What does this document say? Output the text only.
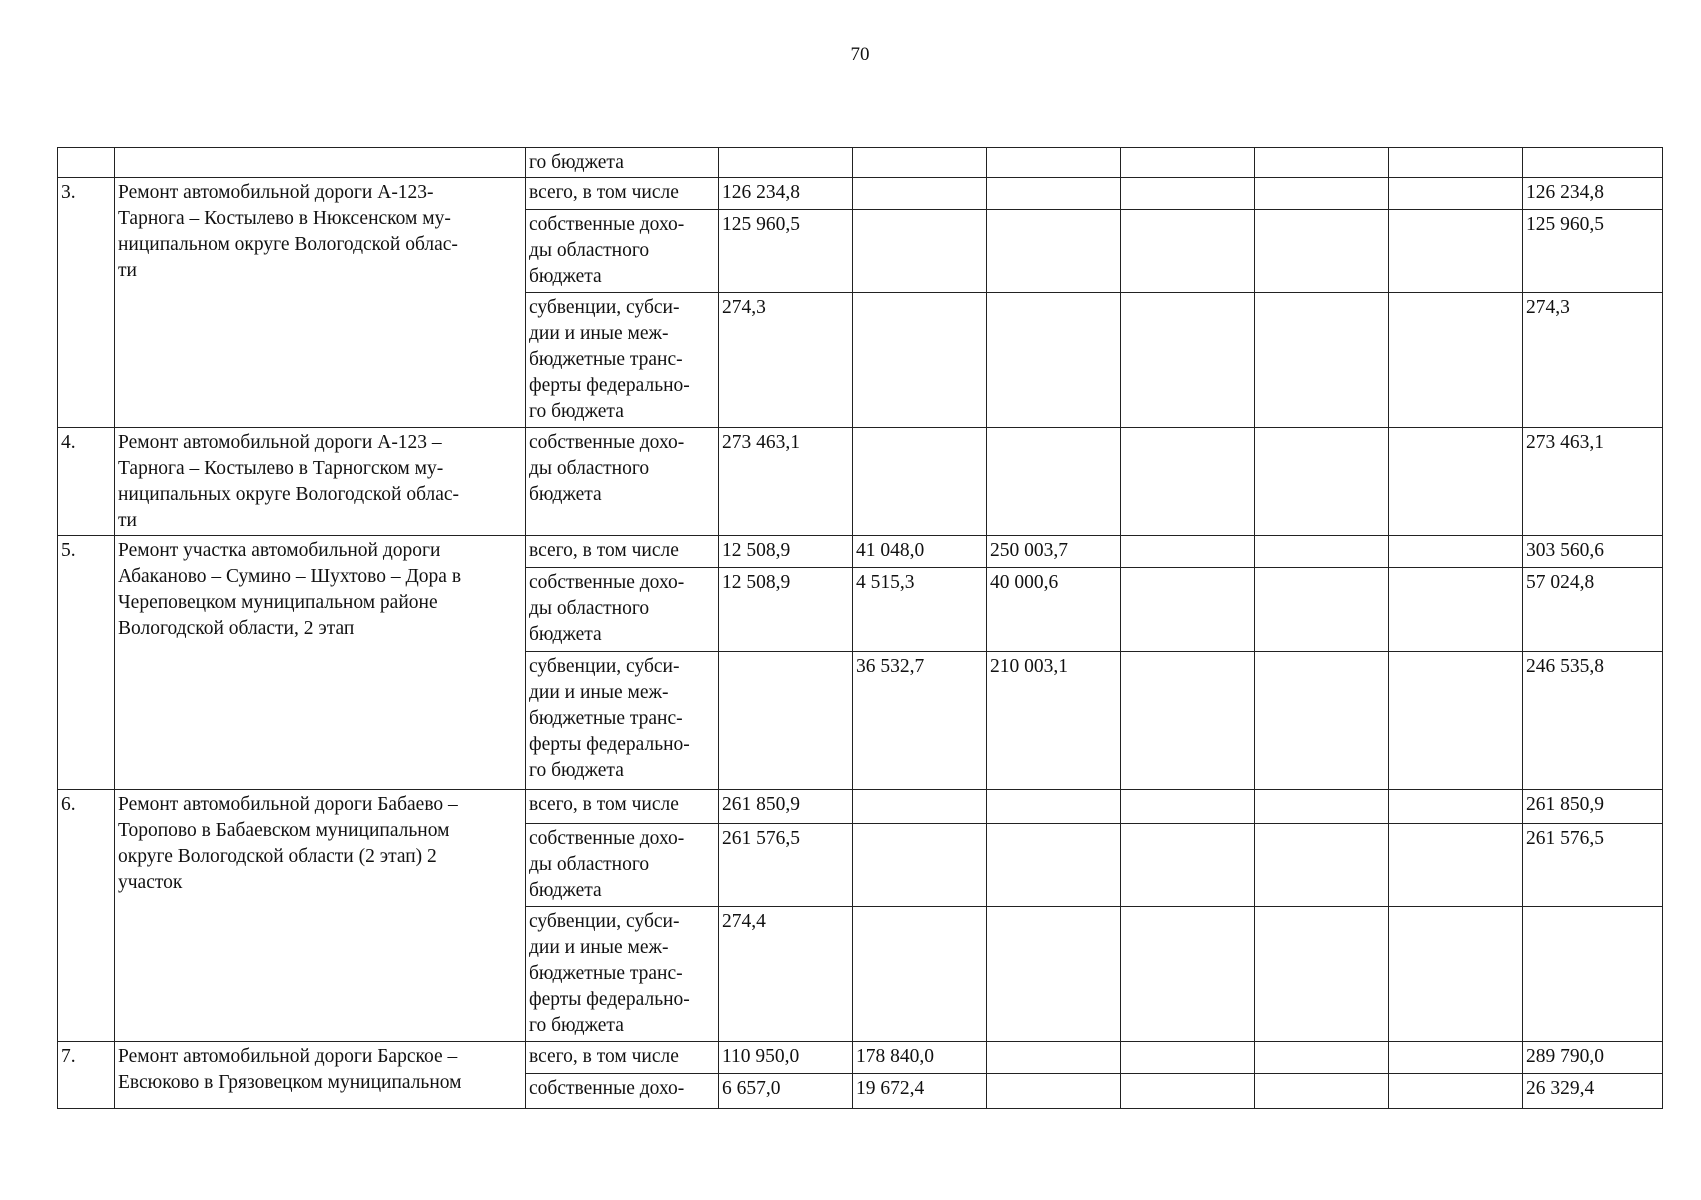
70
		го бюджета							
3.	Ремонт автомобильной дороги А-123-
Тарнога – Костылево в Нюксенском му-
ниципальном округе Вологодской облас-
ти	всего, в том числе	126 234,8						126 234,8
		собственные дохо-
ды областного
бюджета	125 960,5						125 960,5
		субвенции, субси-
дии и иные меж-
бюджетные транс-
ферты федерально-
го бюджета	274,3						274,3
4.	Ремонт автомобильной дороги А-123 –
Тарнога – Костылево в Тарногском му-
ниципальных округе Вологодской облас-
ти	собственные дохо-
ды областного
бюджета	273 463,1						273 463,1
5.	Ремонт участка автомобильной дороги
Абаканово – Сумино – Шухтово – Дора в
Череповецком муниципальном районе
Вологодской области, 2 этап	всего, в том числе	12 508,9	41 048,0	250 003,7				303 560,6
		собственные дохо-
ды областного
бюджета	12 508,9	4 515,3	40 000,6				57 024,8
		субвенции, субси-
дии и иные меж-
бюджетные транс-
ферты федерально-
го бюджета		36 532,7	210 003,1				246 535,8
6.	Ремонт автомобильной дороги Бабаево –
Торопово в Бабаевском муниципальном
округе Вологодской области (2 этап) 2
участок	всего, в том числе	261 850,9						261 850,9
		собственные дохо-
ды областного
бюджета	261 576,5						261 576,5
		субвенции, субси-
дии и иные меж-
бюджетные транс-
ферты федерально-
го бюджета	274,4						
7.	Ремонт автомобильной дороги Барское –
Евсюково в Грязовецком муниципальном	всего, в том числе	110 950,0	178 840,0					289 790,0
		собственные дохо-	6 657,0	19 672,4					26 329,4
